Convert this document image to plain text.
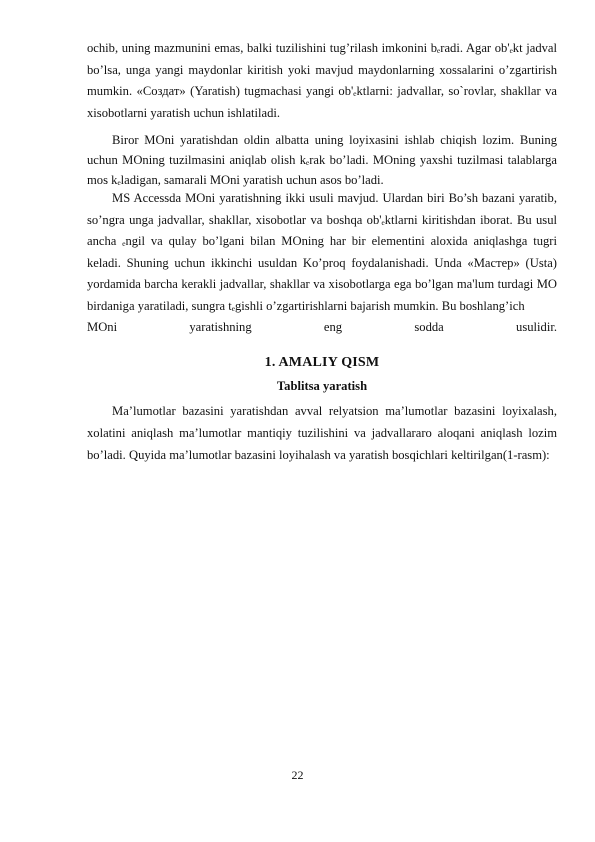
ochib, uning mazmunini emas, balki tuzilishini tug’rilash imkonini bₑradi. Agar ob'ₑkt jadval bo’lsa, unga yangi maydonlar kiritish yoki mavjud maydonlarning xossalarini o’zgartirish mumkin. «Создат» (Yaratish) tugmachasi yangi ob'ₑktlarni: jadvallar, so`rovlar, shakllar va xisobotlarni yaratish uchun ishlatiladi.

Biror MOni yaratishdan oldin albatta uning loyixasini ishlab chiqish lozim. Buning uchun MOning tuzilmasini aniqlab olish kₑrak bo’ladi. MOning yaxshi tuzilmasi talablarga mos kₑladigan, samarali MOni yaratish uchun asos bo’ladi.

MS Accessda MOni yaratishning ikki usuli mavjud. Ulardan biri Bo’sh bazani yaratib, so’ngra unga jadvallar, shakllar, xisobotlar va boshqa ob'ₑktlarni kiritishdan iborat. Bu usul ancha ₑngil va qulay bo’lgani bilan MOning har bir elementini aloxida aniqlashga tugri keladi. Shuning uchun ikkinchi usuldan Ko’proq foydalanishadi. Unda «Мастер» (Usta) yordamida barcha kerakli jadvallar, shakllar va xisobotlarga ega bo’lgan ma'lum turdagi MO birdaniga yaratiladi, sungra tₑgishli o’zgartirishlarni bajarish mumkin. Bu boshlang’ich

MOni yaratishning eng sodda usulidir.

1. AMALIY QISM
Tablitsa yaratish

Ma’lumotlar bazasini yaratishdan avval relyatsion ma’lumotlar bazasini loyixalash, xolatini aniqlash ma’lumotlar mantiqiy tuzilishini va jadvallararo aloqani aniqlash lozim bo’ladi. Quyida ma’lumotlar bazasini loyihalash va yaratish bosqichlari keltirilgan(1-rasm):

22
